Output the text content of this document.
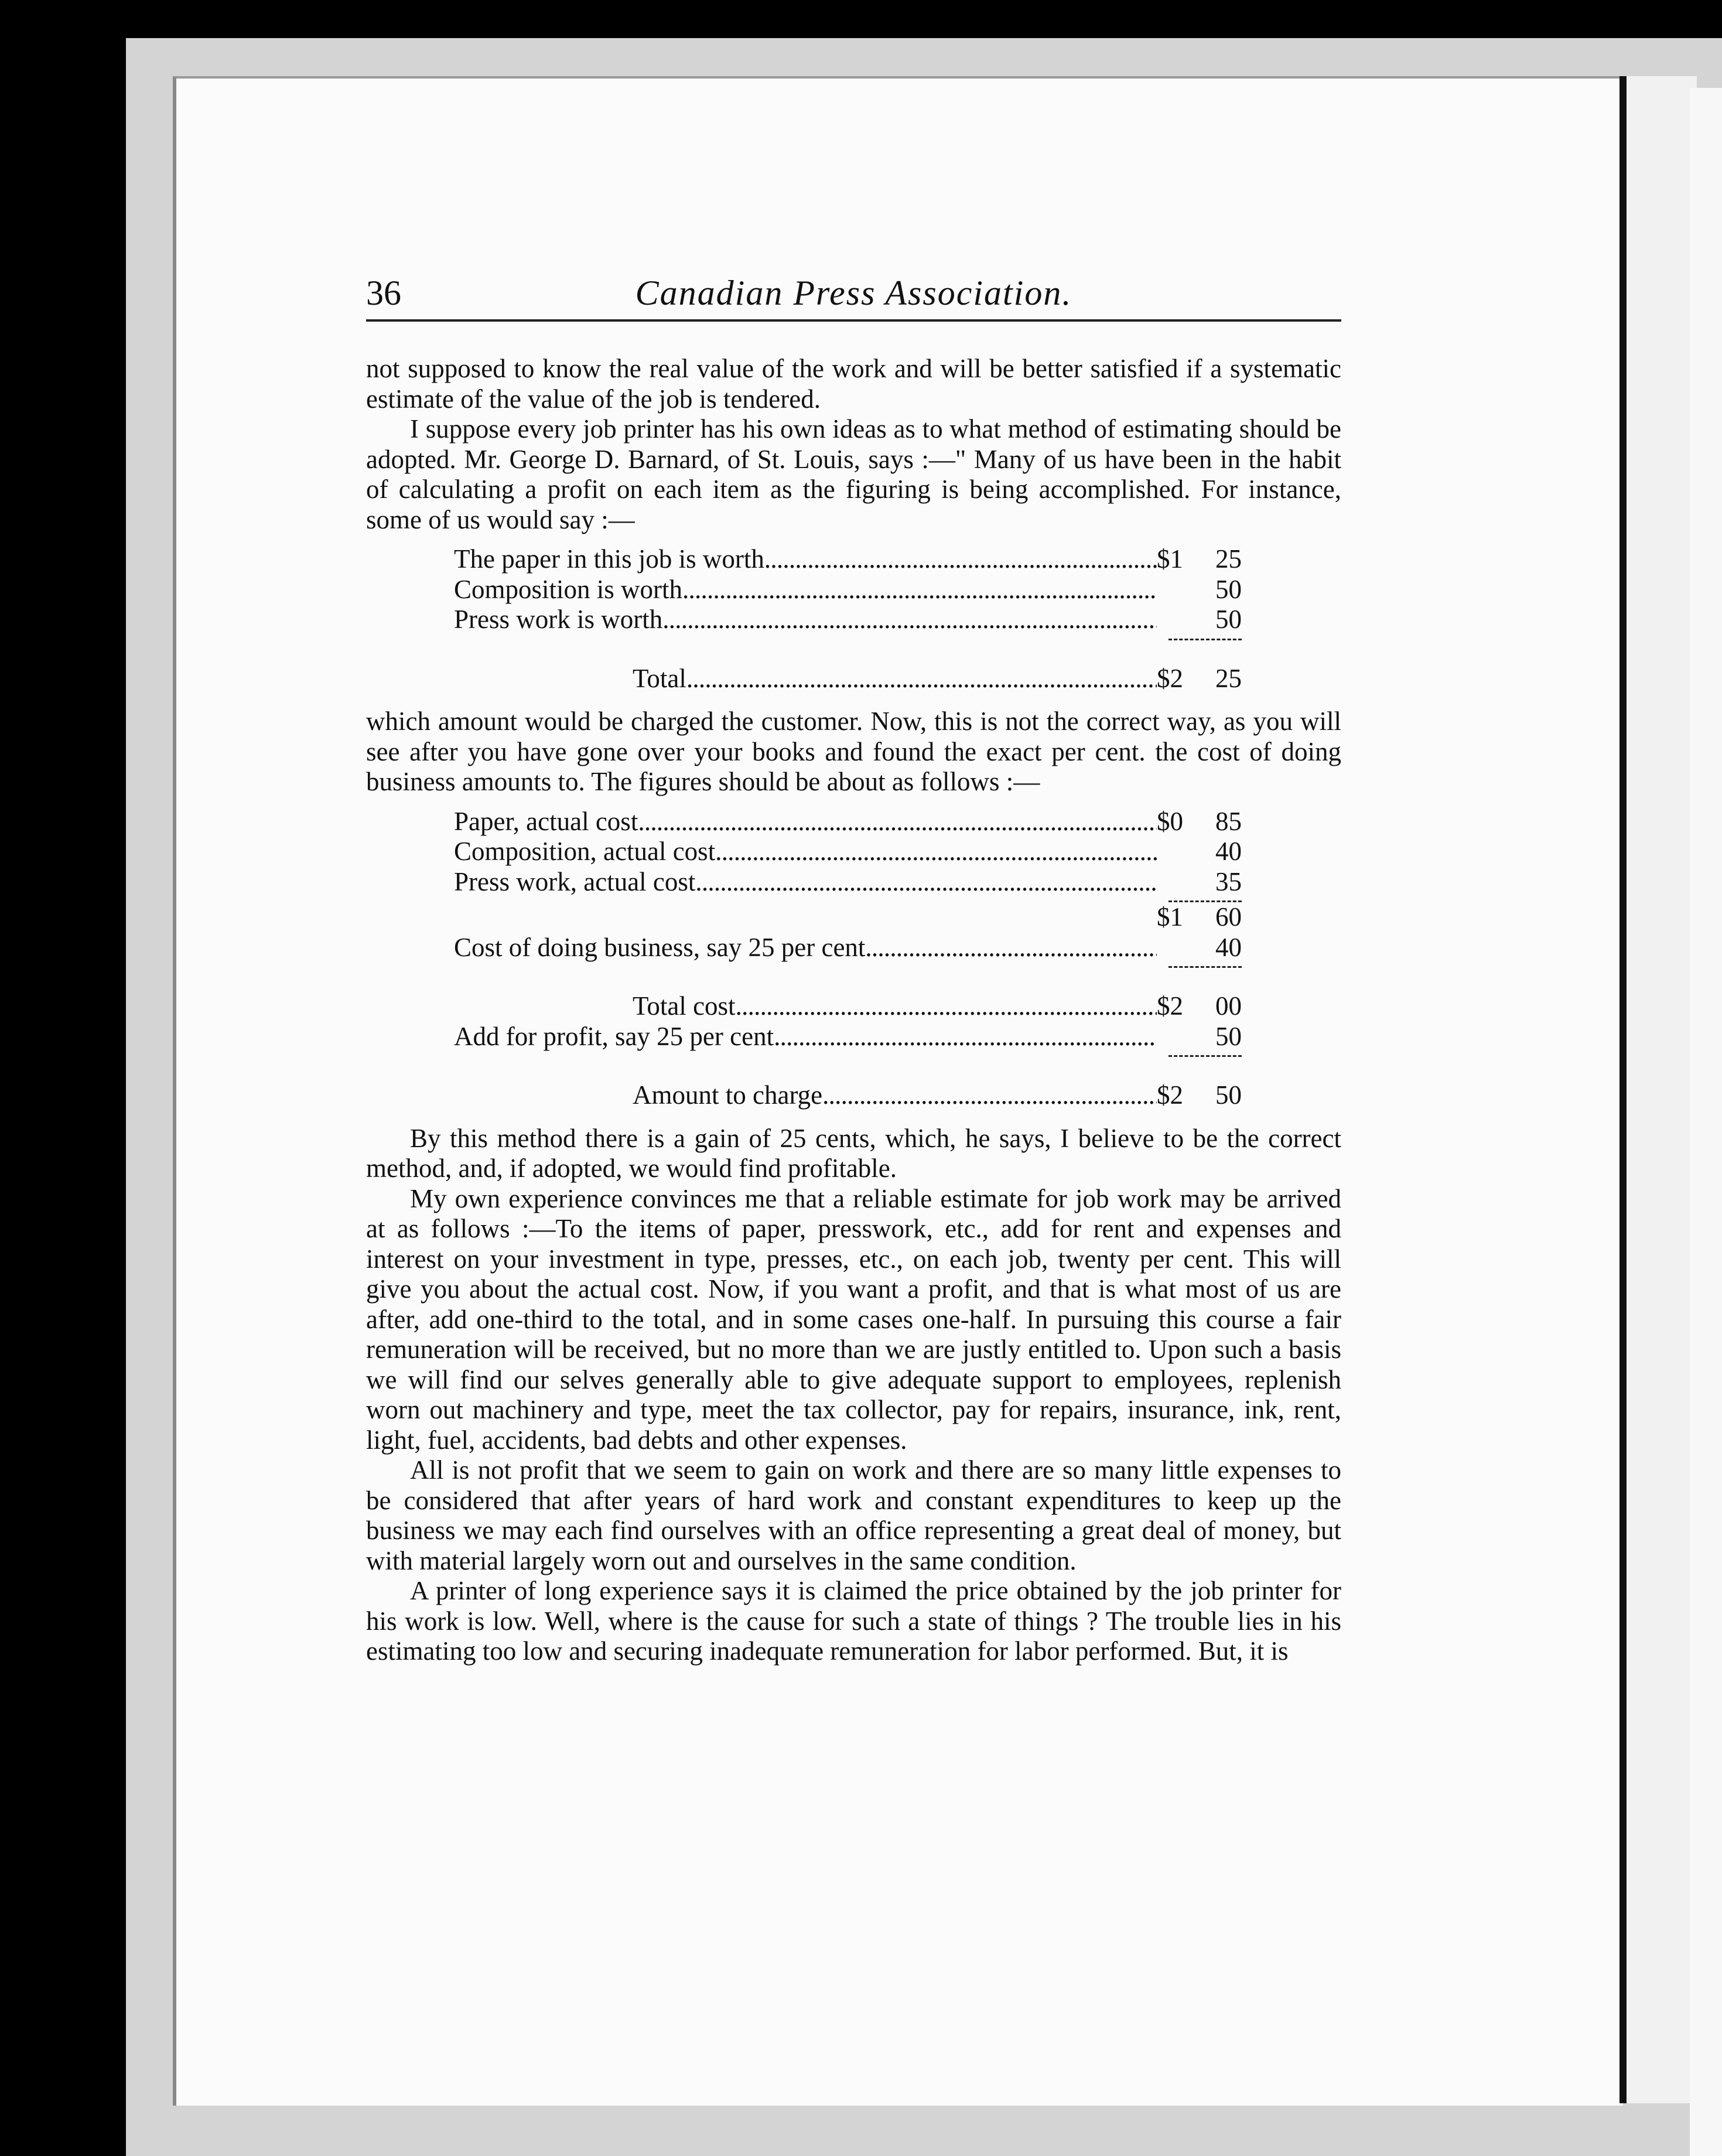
36	Canadian Press Association.

not supposed to know the real value of the work and will be better satisfied if a systematic estimate of the value of the job is tendered.

I suppose every job printer has his own ideas as to what method of estimating should be adopted. Mr. George D. Barnard, of St. Louis, says :—" Many of us have been in the habit of calculating a profit on each item as the figuring is being accomplished. For instance, some of us would say :—

The paper in this job is worth . . .	$1 25
Composition is worth . . .	50
Press work is worth . . .	50
Total . . .	$2 25

which amount would be charged the customer. Now, this is not the correct way, as you will see after you have gone over your books and found the exact per cent. the cost of doing business amounts to. The figures should be about as follows :—

Paper, actual cost . . .	$0 85
Composition, actual cost . . .	40
Press work, actual cost . . .	35
$1 60
Cost of doing business, say 25 per cent . . .	40
Total cost . . .	$2 00
Add for profit, say 25 per cent . . .	50
Amount to charge . . .	$2 50

By this method there is a gain of 25 cents, which, he says, I believe to be the correct method, and, if adopted, we would find profitable.

My own experience convinces me that a reliable estimate for job work may be arrived at as follows :—To the items of paper, presswork, etc., add for rent and expenses and interest on your investment in type, presses, etc., on each job, twenty per cent. This will give you about the actual cost. Now, if you want a profit, and that is what most of us are after, add one-third to the total, and in some cases one-half. In pursuing this course a fair remuneration will be received, but no more than we are justly entitled to. Upon such a basis we will find our selves generally able to give adequate support to employees, replenish worn out machinery and type, meet the tax collector, pay for repairs, insurance, ink, rent, light, fuel, accidents, bad debts and other expenses.

All is not profit that we seem to gain on work and there are so many little expenses to be considered that after years of hard work and constant expenditures to keep up the business we may each find ourselves with an office representing a great deal of money, but with material largely worn out and ourselves in the same condition.

A printer of long experience says it is claimed the price obtained by the job printer for his work is low. Well, where is the cause for such a state of things ? The trouble lies in his estimating too low and securing inadequate remuneration for labor performed. But, it is
